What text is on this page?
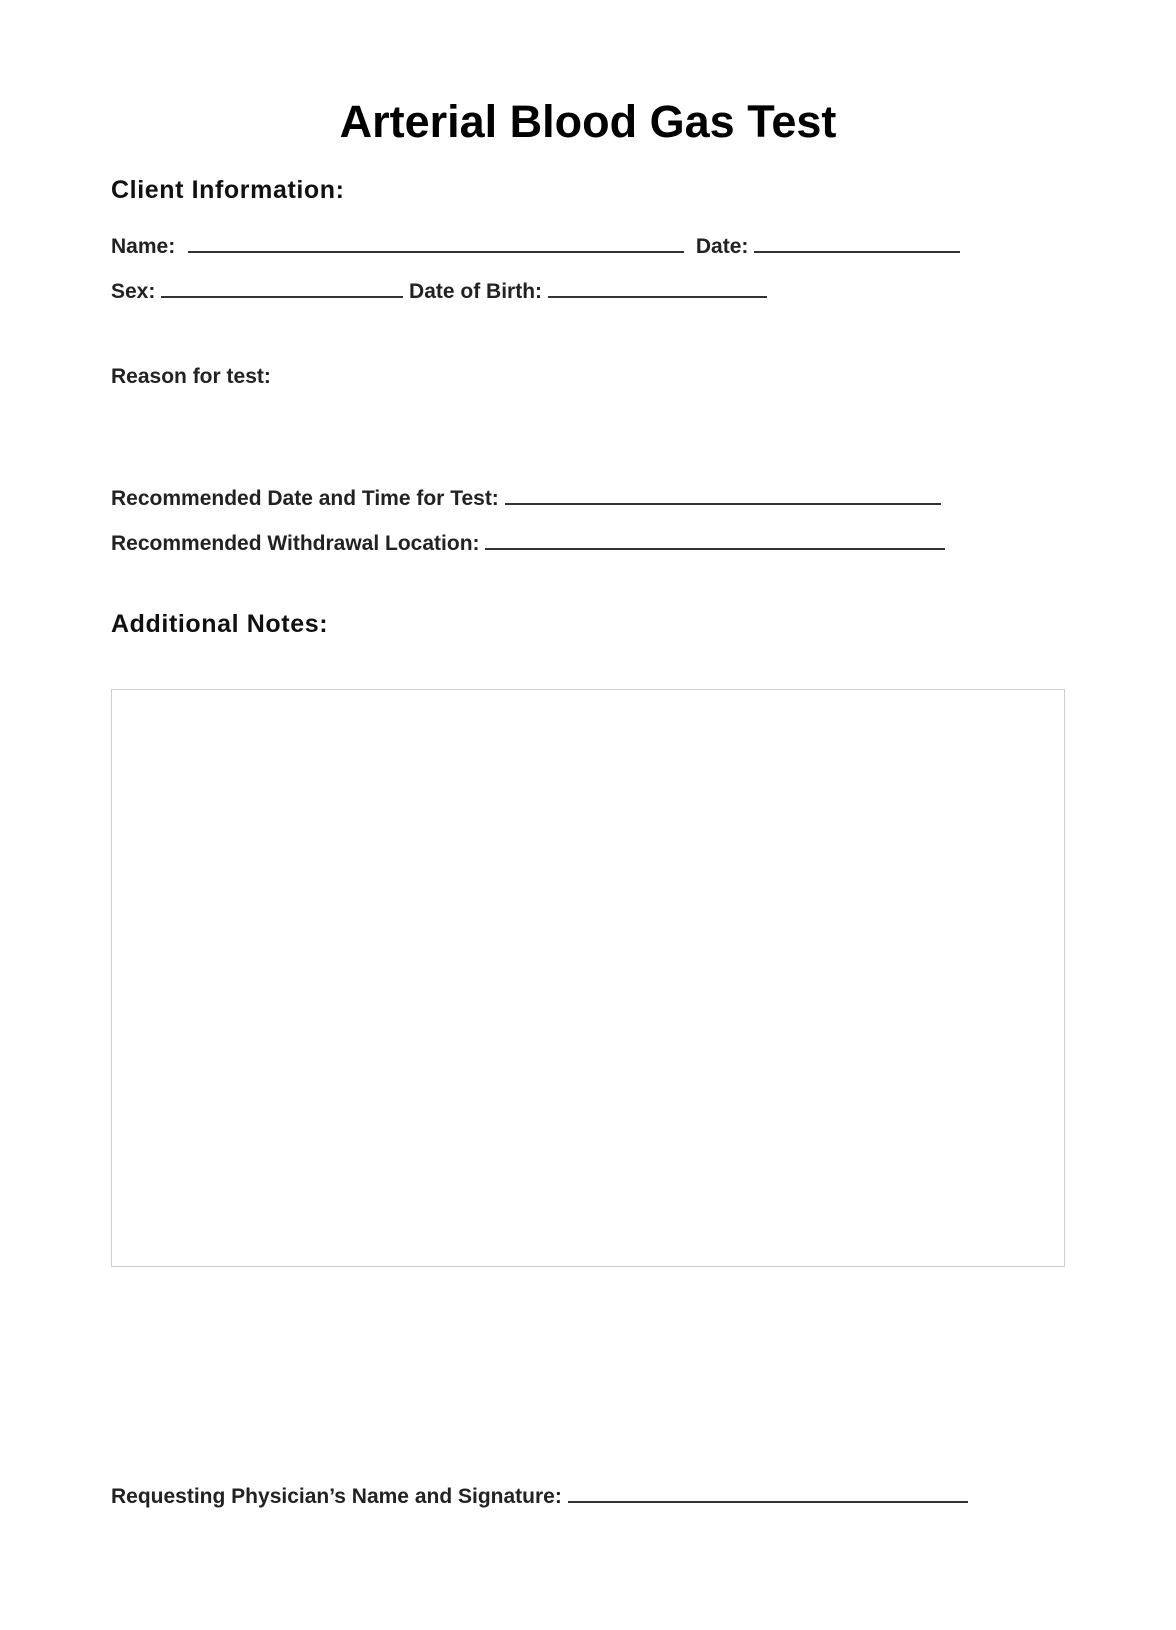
Arterial Blood Gas Test
Client Information:
Name:	Date:
Sex:	Date of Birth:
Reason for test:
Recommended Date and Time for Test:
Recommended Withdrawal Location:
Additional Notes:
Requesting Physician’s Name and Signature:
